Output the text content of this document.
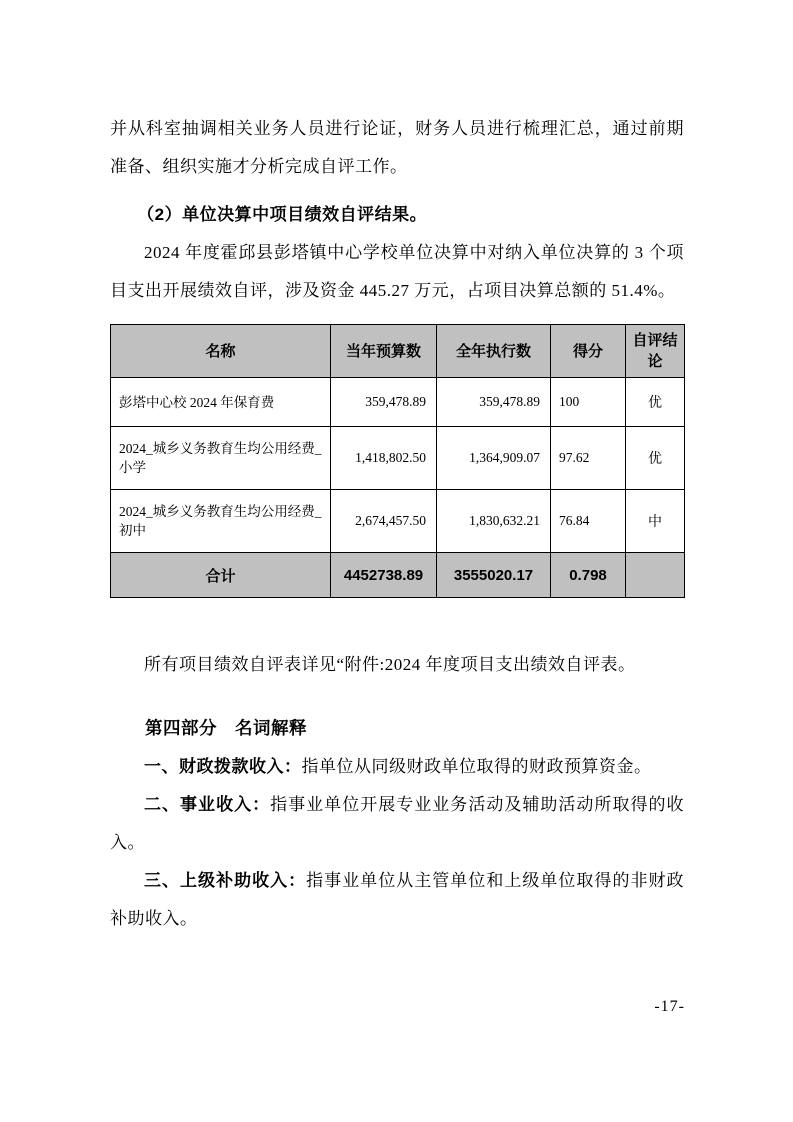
并从科室抽调相关业务人员进行论证，财务人员进行梳理汇总，通过前期准备、组织实施才分析完成自评工作。

（2）单位决算中项目绩效自评结果。

2024 年度霍邱县彭塔镇中心学校单位决算中对纳入单位决算的 3 个项目支出开展绩效自评，涉及资金 445.27 万元，占项目决算总额的 51.4%。

名称	当年预算数	全年执行数	得分	自评结论
彭塔中心校 2024 年保育费	359,478.89	359,478.89	100	优
2024_城乡义务教育生均公用经费_小学	1,418,802.50	1,364,909.07	97.62	优
2024_城乡义务教育生均公用经费_初中	2,674,457.50	1,830,632.21	76.84	中
合计	4452738.89	3555020.17	0.798	

所有项目绩效自评表详见“附件:2024 年度项目支出绩效自评表。

第四部分　名词解释

一、财政拨款收入：指单位从同级财政单位取得的财政预算资金。

二、事业收入：指事业单位开展专业业务活动及辅助活动所取得的收入。

三、上级补助收入：指事业单位从主管单位和上级单位取得的非财政补助收入。

-17-
